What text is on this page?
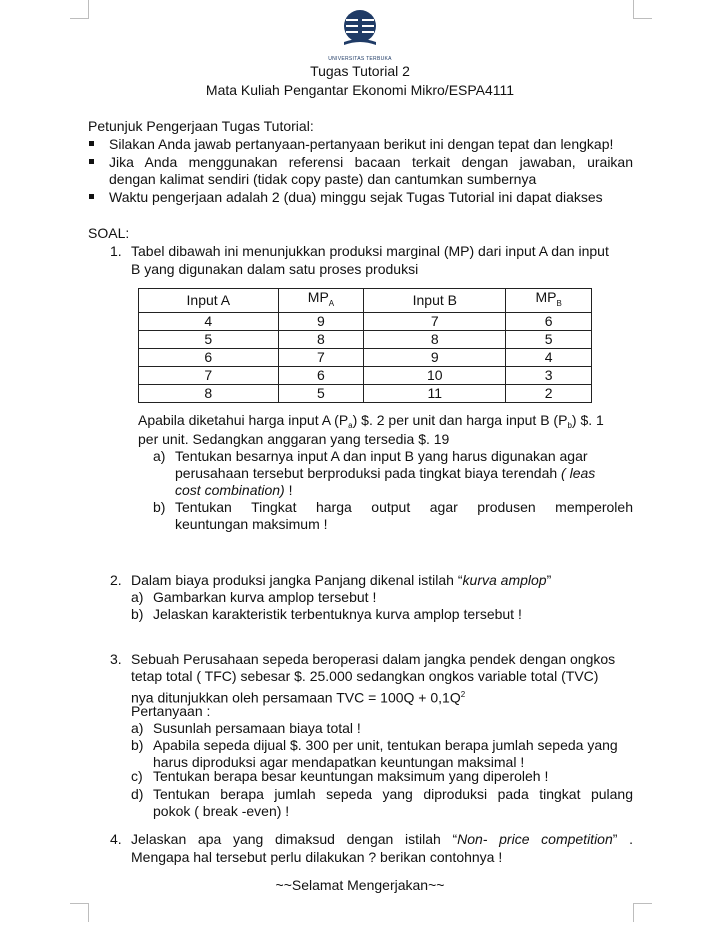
UNIVERSITAS TERBUKA
Tugas Tutorial 2
Mata Kuliah Pengantar Ekonomi Mikro/ESPA4111
Petunjuk Pengerjaan Tugas Tutorial:
Silakan Anda jawab pertanyaan-pertanyaan berikut ini dengan tepat dan lengkap!
Jika Anda menggunakan referensi bacaan terkait dengan jawaban, uraikan
dengan kalimat sendiri (tidak copy paste) dan cantumkan sumbernya
Waktu pengerjaan adalah 2 (dua) minggu sejak Tugas Tutorial ini dapat diakses
SOAL:
1. Tabel dibawah ini menunjukkan produksi marginal (MP) dari input A dan input
B yang digunakan dalam satu proses produksi
Input A	$MP_A$	Input B	$MP_B$
4	9	7	6
5	8	8	5
6	7	9	4
7	6	10	3
8	5	11	2
Apabila diketahui harga input A $(P_a)$ $. 2 per unit dan harga input B $(P_b)$ $. 1
per unit. Sedangkan anggaran yang tersedia $. 19
a) Tentukan besarnya input A dan input B yang harus digunakan agar
perusahaan tersebut berproduksi pada tingkat biaya terendah ( leas
cost combination) !
b) Tentukan Tingkat harga output agar produsen memperoleh
keuntungan maksimum !
2. Dalam biaya produksi jangka Panjang dikenal istilah “kurva amplop”
a) Gambarkan kurva amplop tersebut !
b) Jelaskan karakteristik terbentuknya kurva amplop tersebut !
3. Sebuah Perusahaan sepeda beroperasi dalam jangka pendek dengan ongkos
tetap total ( TFC) sebesar $. 25.000 sedangkan ongkos variable total (TVC)
nya ditunjukkan oleh persamaan TVC = $100Q + 0,1Q^2$
Pertanyaan :
a) Susunlah persamaan biaya total !
b) Apabila sepeda dijual $. 300 per unit, tentukan berapa jumlah sepeda yang
harus diproduksi agar mendapatkan keuntungan maksimal !
c) Tentukan berapa besar keuntungan maksimum yang diperoleh !
d) Tentukan berapa jumlah sepeda yang diproduksi pada tingkat pulang
pokok ( break -even) !
4. Jelaskan apa yang dimaksud dengan istilah “Non- price competition” .
Mengapa hal tersebut perlu dilakukan ? berikan contohnya !
~~Selamat Mengerjakan~~
